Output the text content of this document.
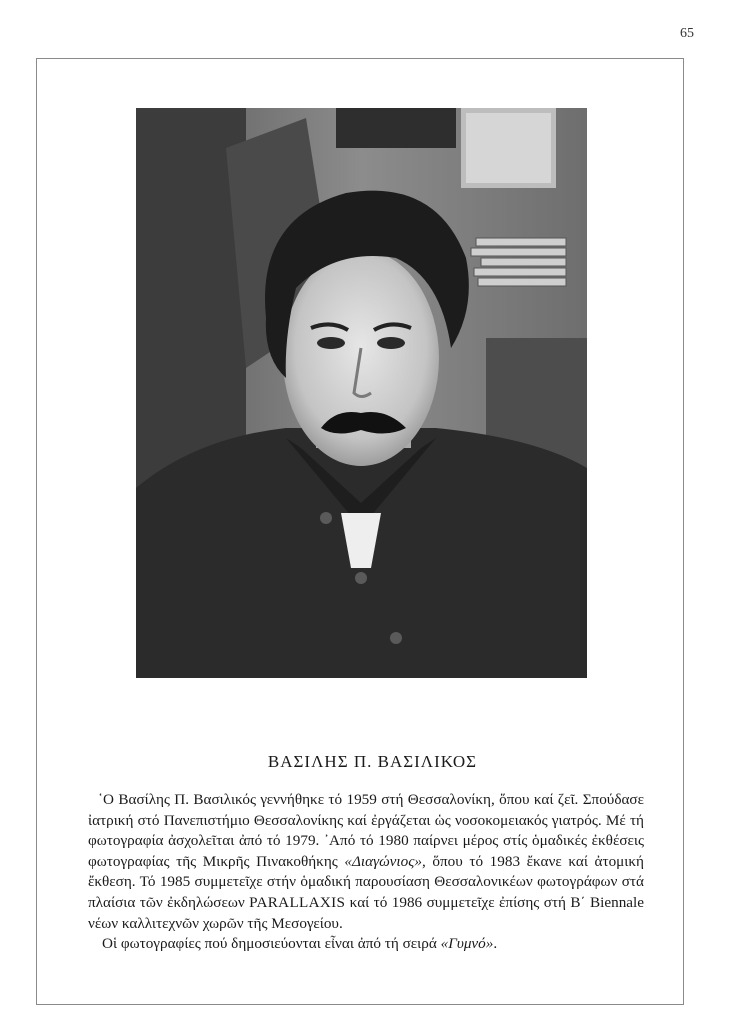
65
ΒΑΣΙΛΗΣ Π. ΒΑΣΙΛΙΚΟΣ

῾Ο Βασίλης Π. Βασιλικός γεννήθηκε τό 1959 στή Θεσσαλονίκη, ὅπου καί ζεῖ. Σπούδασε ἰατρική στό Πανεπιστήμιο Θεσσαλονίκης καί ἐργάζεται ὡς νοσοκομειακός γιατρός. Μέ τή φωτογραφία ἀσχολεῖται ἀπό τό 1979. ᾿Από τό 1980 παίρνει μέρος στίς ὁμαδικές ἐκθέσεις φωτογραφίας τῆς Μικρῆς Πινακοθήκης «Διαγώνιος», ὅπου τό 1983 ἔκανε καί ἀτομική ἔκθεση. Τό 1985 συμμετεῖχε στήν ὁμαδική παρουσίαση Θεσσαλονικέων φωτογράφων στά πλαίσια τῶν ἐκδηλώσεων PARALLAXIS καί τό 1986 συμμετεῖχε ἐπίσης στή Β΄ Biennale νέων καλλιτεχνῶν χωρῶν τῆς Μεσογείου.

Οἱ φωτογραφίες πού δημοσιεύονται εἶναι ἀπό τή σειρά «Γυμνό».
